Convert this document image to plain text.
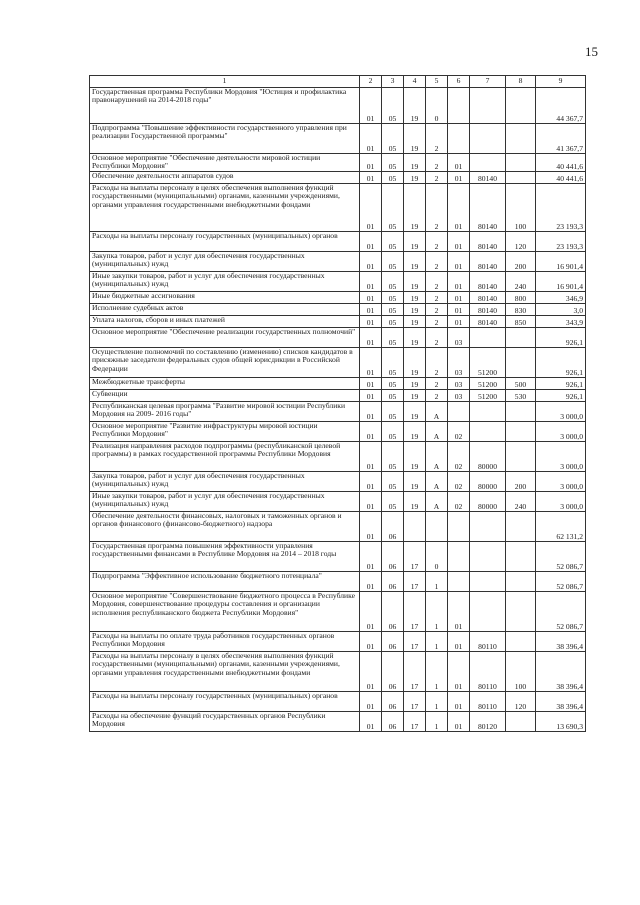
15
1	2	3	4	5	6	7	8	9
Государственная программа Республики Мордовия "Юстиция и профилактика правонарушений на 2014-2018 годы"	01	05	19	0				44 367,7
Подпрограмма "Повышение эффективности государственного управления при реализации Государственной программы"	01	05	19	2				41 367,7
Основное мероприятие "Обеспечение деятельности мировой юстиции Республики Мордовия"	01	05	19	2	01			40 441,6
Обеспечение деятельности аппаратов судов	01	05	19	2	01	80140		40 441,6
Расходы на выплаты персоналу в целях обеспечения выполнения функций государственными (муниципальными) органами, казенными учреждениями, органами управления государственными внебюджетными фондами	01	05	19	2	01	80140	100	23 193,3
Расходы на выплаты персоналу государственных (муниципальных) органов	01	05	19	2	01	80140	120	23 193,3
Закупка товаров, работ и услуг для обеспечения государственных (муниципальных) нужд	01	05	19	2	01	80140	200	16 901,4
Иные закупки товаров, работ и услуг для обеспечения государственных (муниципальных) нужд	01	05	19	2	01	80140	240	16 901,4
Иные бюджетные ассигнования	01	05	19	2	01	80140	800	346,9
Исполнение судебных актов	01	05	19	2	01	80140	830	3,0
Уплата налогов, сборов и иных платежей	01	05	19	2	01	80140	850	343,9
Основное мероприятие "Обеспечение реализации государственных полномочий"	01	05	19	2	03			926,1
Осуществление полномочий по составлению (изменению) списков кандидатов в присяжные заседатели федеральных судов общей юрисдикции в Российской Федерации	01	05	19	2	03	51200		926,1
Межбюджетные трансферты	01	05	19	2	03	51200	500	926,1
Субвенции	01	05	19	2	03	51200	530	926,1
Республиканская целевая программа "Развитие мировой юстиции Республики Мордовия на 2009- 2016 годы"	01	05	19	А				3 000,0
Основное мероприятие "Развитие инфраструктуры мировой юстиции Республики Мордовия"	01	05	19	А	02			3 000,0
Реализация направления расходов подпрограммы (республиканской целевой программы) в рамках государственной программы Республики Мордовия	01	05	19	А	02	80000		3 000,0
Закупка товаров, работ и услуг для обеспечения государственных (муниципальных) нужд	01	05	19	А	02	80000	200	3 000,0
Иные закупки товаров, работ и услуг для обеспечения государственных (муниципальных) нужд	01	05	19	А	02	80000	240	3 000,0
Обеспечение деятельности финансовых, налоговых и таможенных органов и органов финансового (финансово-бюджетного) надзора	01	06						62 131,2
Государственная программа повышения эффективности управления государственными финансами в Республике Мордовия на 2014 – 2018 годы	01	06	17	0				52 086,7
Подпрограмма "Эффективное использование бюджетного потенциала"	01	06	17	1				52 086,7
Основное мероприятие "Совершенствование бюджетного процесса в Республике Мордовия, совершенствование процедуры составления и организации исполнения республиканского бюджета Республики Мордовия"	01	06	17	1	01			52 086,7
Расходы на выплаты по оплате труда работников государственных органов Республики Мордовия	01	06	17	1	01	80110		38 396,4
Расходы на выплаты персоналу в целях обеспечения выполнения функций государственными (муниципальными) органами, казенными учреждениями, органами управления государственными внебюджетными фондами	01	06	17	1	01	80110	100	38 396,4
Расходы на выплаты персоналу государственных (муниципальных) органов	01	06	17	1	01	80110	120	38 396,4
Расходы на обеспечение функций государственных органов Республики Мордовия	01	06	17	1	01	80120		13 690,3
